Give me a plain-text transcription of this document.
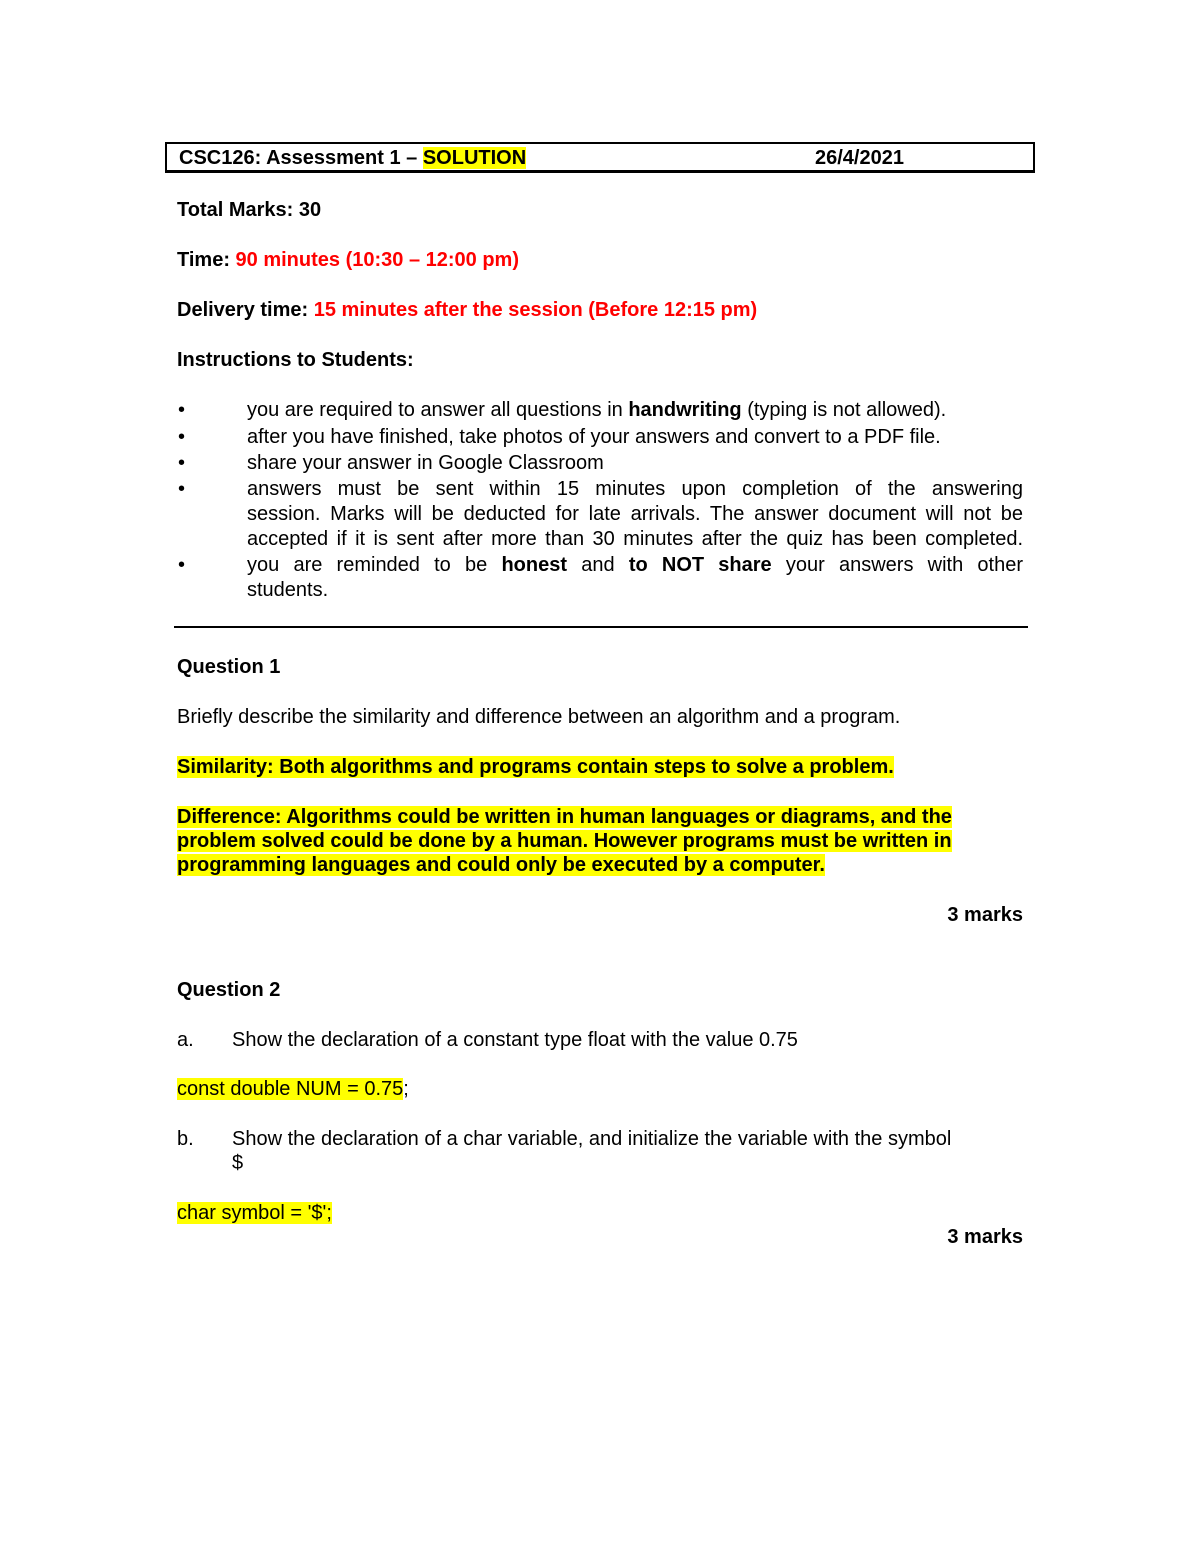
CSC126: Assessment 1 – SOLUTION	26/4/2021
Total Marks: 30
Time: 90 minutes (10:30 – 12:00 pm)
Delivery time: 15 minutes after the session (Before 12:15 pm)
Instructions to Students:
•	you are required to answer all questions in handwriting (typing is not allowed).
•	after you have finished, take photos of your answers and convert to a PDF file.
•	share your answer in Google Classroom
•	answers must be sent within 15 minutes upon completion of the answering
session. Marks will be deducted for late arrivals. The answer document will not be
accepted if it is sent after more than 30 minutes after the quiz has been completed.
•	you are reminded to be honest and to NOT share your answers with other
students.
Question 1
Briefly describe the similarity and difference between an algorithm and a program.
Similarity: Both algorithms and programs contain steps to solve a problem.
Difference: Algorithms could be written in human languages or diagrams, and the
problem solved could be done by a human. However programs must be written in
programming languages and could only be executed by a computer.
3 marks
Question 2
a. Show the declaration of a constant type float with the value 0.75
const double NUM = 0.75;
b. Show the declaration of a char variable, and initialize the variable with the symbol
$
char symbol = '$';
3 marks
